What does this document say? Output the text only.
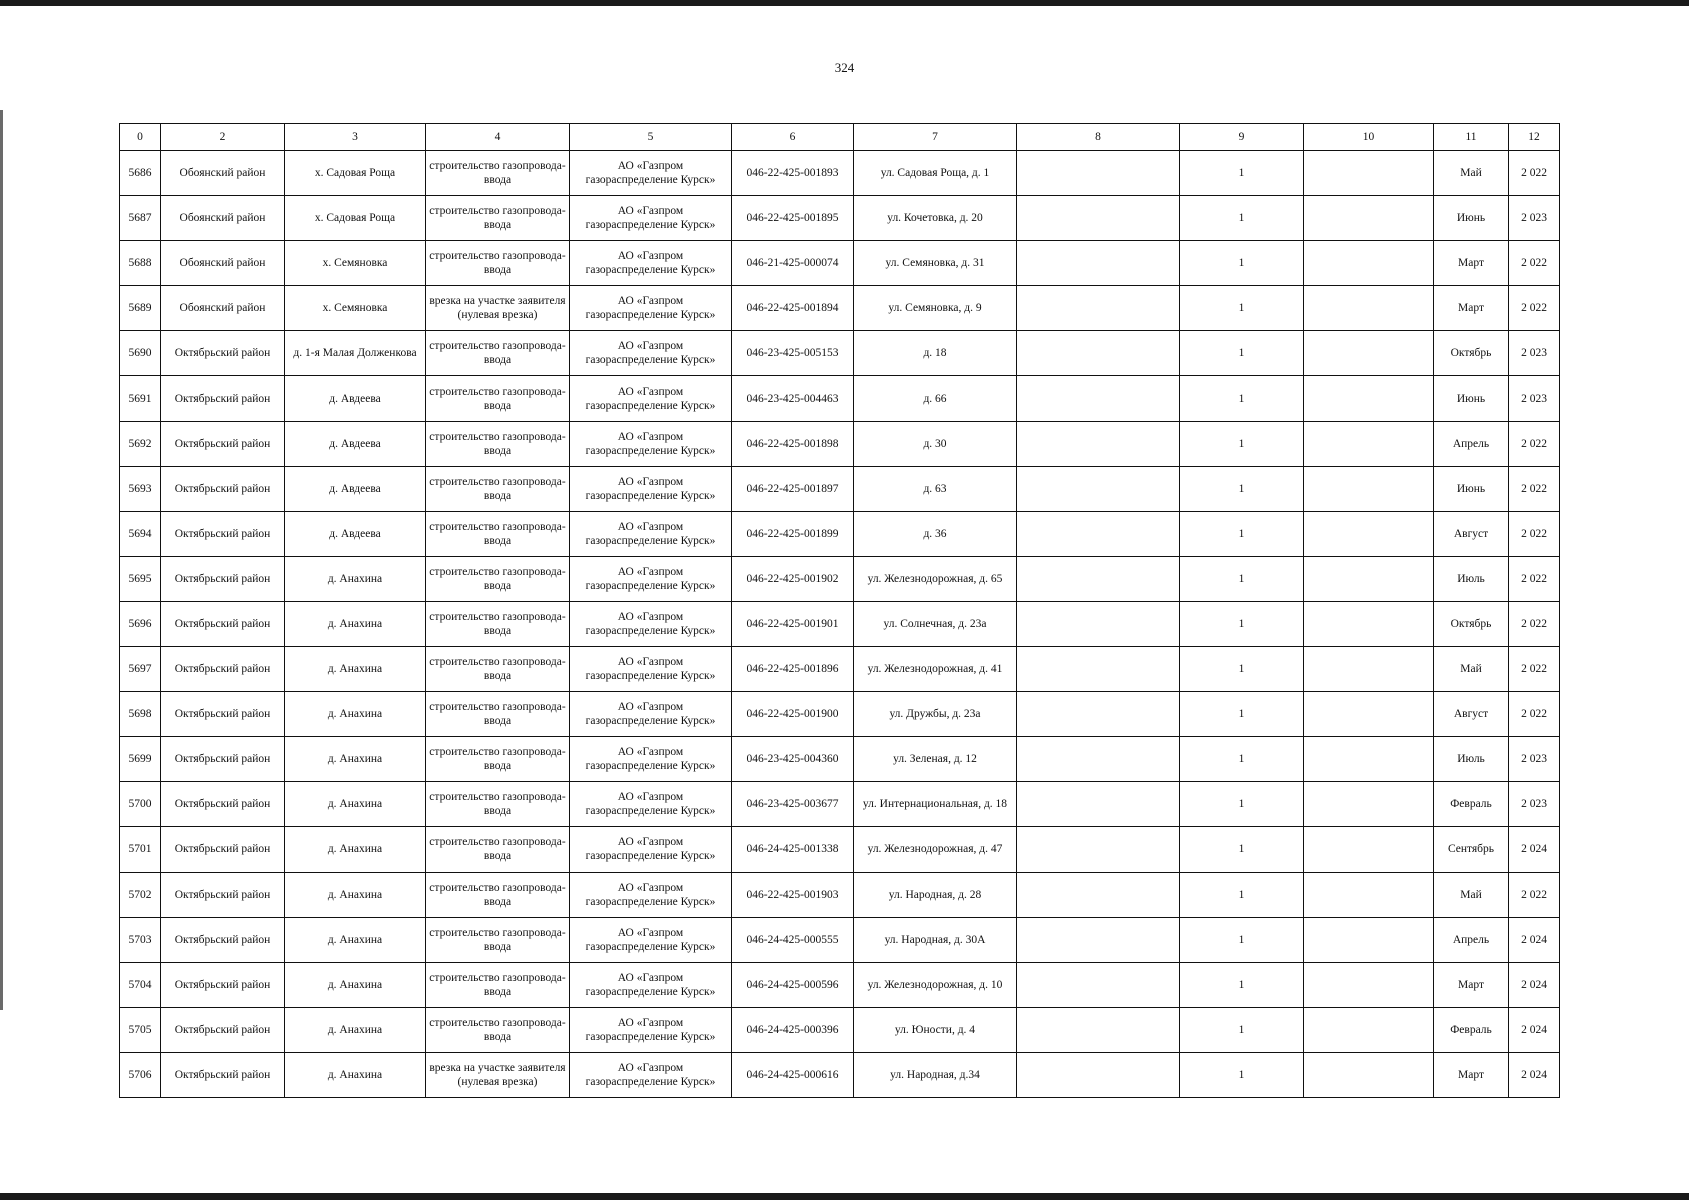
324
0	2	3	4	5	6	7	8	9	10	11	12
5686	Обоянский район	х. Садовая Роща	строительство газопровода-ввода	АО «Газпром газораспределение Курск»	046-22-425-001893	ул. Садовая Роща, д. 1		1		Май	2 022
5687	Обоянский район	х. Садовая Роща	строительство газопровода-ввода	АО «Газпром газораспределение Курск»	046-22-425-001895	ул. Кочетовка, д. 20		1		Июнь	2 023
5688	Обоянский район	х. Семяновка	строительство газопровода-ввода	АО «Газпром газораспределение Курск»	046-21-425-000074	ул. Семяновка, д. 31		1		Март	2 022
5689	Обоянский район	х. Семяновка	врезка на участке заявителя (нулевая врезка)	АО «Газпром газораспределение Курск»	046-22-425-001894	ул. Семяновка, д. 9		1		Март	2 022
5690	Октябрьский район	д. 1-я Малая Долженкова	строительство газопровода-ввода	АО «Газпром газораспределение Курск»	046-23-425-005153	д. 18		1		Октябрь	2 023
5691	Октябрьский район	д. Авдеева	строительство газопровода-ввода	АО «Газпром газораспределение Курск»	046-23-425-004463	д. 66		1		Июнь	2 023
5692	Октябрьский район	д. Авдеева	строительство газопровода-ввода	АО «Газпром газораспределение Курск»	046-22-425-001898	д. 30		1		Апрель	2 022
5693	Октябрьский район	д. Авдеева	строительство газопровода-ввода	АО «Газпром газораспределение Курск»	046-22-425-001897	д. 63		1		Июнь	2 022
5694	Октябрьский район	д. Авдеева	строительство газопровода-ввода	АО «Газпром газораспределение Курск»	046-22-425-001899	д. 36		1		Август	2 022
5695	Октябрьский район	д. Анахина	строительство газопровода-ввода	АО «Газпром газораспределение Курск»	046-22-425-001902	ул. Железнодорожная, д. 65		1		Июль	2 022
5696	Октябрьский район	д. Анахина	строительство газопровода-ввода	АО «Газпром газораспределение Курск»	046-22-425-001901	ул. Солнечная, д. 23а		1		Октябрь	2 022
5697	Октябрьский район	д. Анахина	строительство газопровода-ввода	АО «Газпром газораспределение Курск»	046-22-425-001896	ул. Железнодорожная, д. 41		1		Май	2 022
5698	Октябрьский район	д. Анахина	строительство газопровода-ввода	АО «Газпром газораспределение Курск»	046-22-425-001900	ул. Дружбы, д. 23а		1		Август	2 022
5699	Октябрьский район	д. Анахина	строительство газопровода-ввода	АО «Газпром газораспределение Курск»	046-23-425-004360	ул. Зеленая, д. 12		1		Июль	2 023
5700	Октябрьский район	д. Анахина	строительство газопровода-ввода	АО «Газпром газораспределение Курск»	046-23-425-003677	ул. Интернациональная, д. 18		1		Февраль	2 023
5701	Октябрьский район	д. Анахина	строительство газопровода-ввода	АО «Газпром газораспределение Курск»	046-24-425-001338	ул. Железнодорожная, д. 47		1		Сентябрь	2 024
5702	Октябрьский район	д. Анахина	строительство газопровода-ввода	АО «Газпром газораспределение Курск»	046-22-425-001903	ул. Народная, д. 28		1		Май	2 022
5703	Октябрьский район	д. Анахина	строительство газопровода-ввода	АО «Газпром газораспределение Курск»	046-24-425-000555	ул. Народная, д. 30А		1		Апрель	2 024
5704	Октябрьский район	д. Анахина	строительство газопровода-ввода	АО «Газпром газораспределение Курск»	046-24-425-000596	ул. Железнодорожная, д. 10		1		Март	2 024
5705	Октябрьский район	д. Анахина	строительство газопровода-ввода	АО «Газпром газораспределение Курск»	046-24-425-000396	ул. Юности, д. 4		1		Февраль	2 024
5706	Октябрьский район	д. Анахина	врезка на участке заявителя (нулевая врезка)	АО «Газпром газораспределение Курск»	046-24-425-000616	ул. Народная, д.34		1		Март	2 024
